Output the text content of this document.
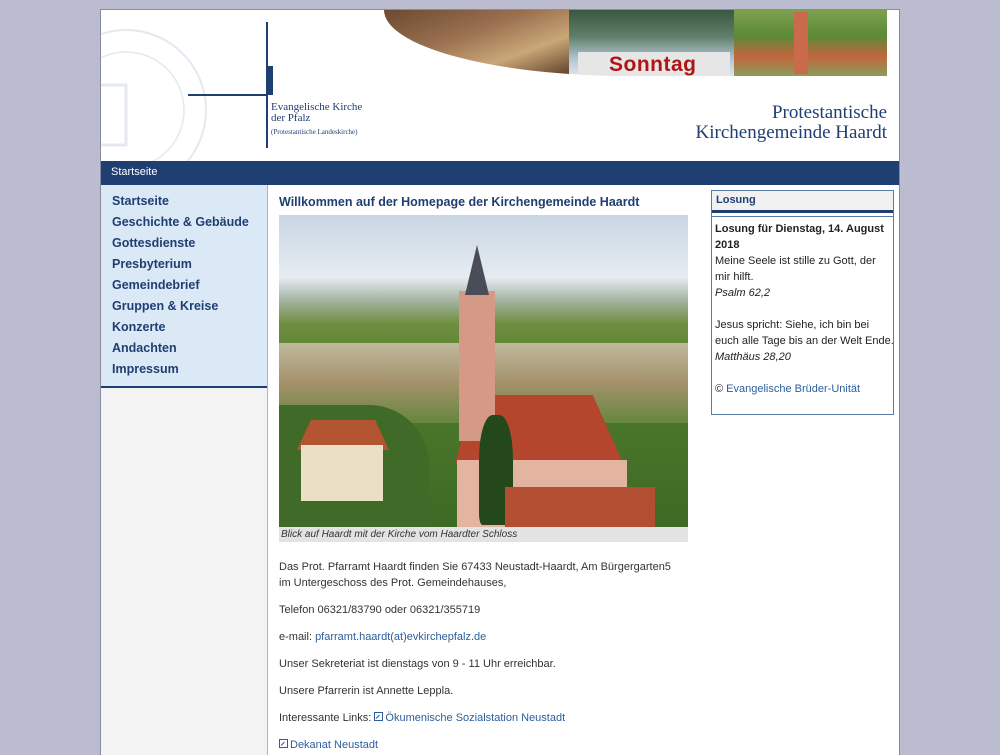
Evangelische Kirche
der Pfalz
(Protestantische Landeskirche)
Sonntag
Protestantische
Kirchengemeinde Haardt
Startseite
Startseite
Geschichte & Gebäude
Gottesdienste
Presbyterium
Gemeindebrief
Gruppen & Kreise
Konzerte
Andachten
Impressum
Willkommen auf der Homepage der Kirchengemeinde Haardt
Blick auf Haardt mit der Kirche vom Haardter Schloss
Das Prot. Pfarramt Haardt finden Sie 67433 Neustadt-Haardt, Am Bürgergarten5
im Untergeschoss des Prot. Gemeindehauses,
Telefon 06321/83790 oder 06321/355719
e-mail: pfarramt.haardt(at)evkirchepfalz.de
Unser Sekreteriat ist dienstags von 9 - 11 Uhr erreichbar.
Unsere Pfarrerin ist Annette Leppla.
Interessante Links: Ökumenische Sozialstation Neustadt
Dekanat Neustadt
Losung
Losung für Dienstag, 14. August 2018
Meine Seele ist stille zu Gott, der mir hilft.
Psalm 62,2
Jesus spricht: Siehe, ich bin bei euch alle Tage bis an der Welt Ende.
Matthäus 28,20
© Evangelische Brüder-Unität
